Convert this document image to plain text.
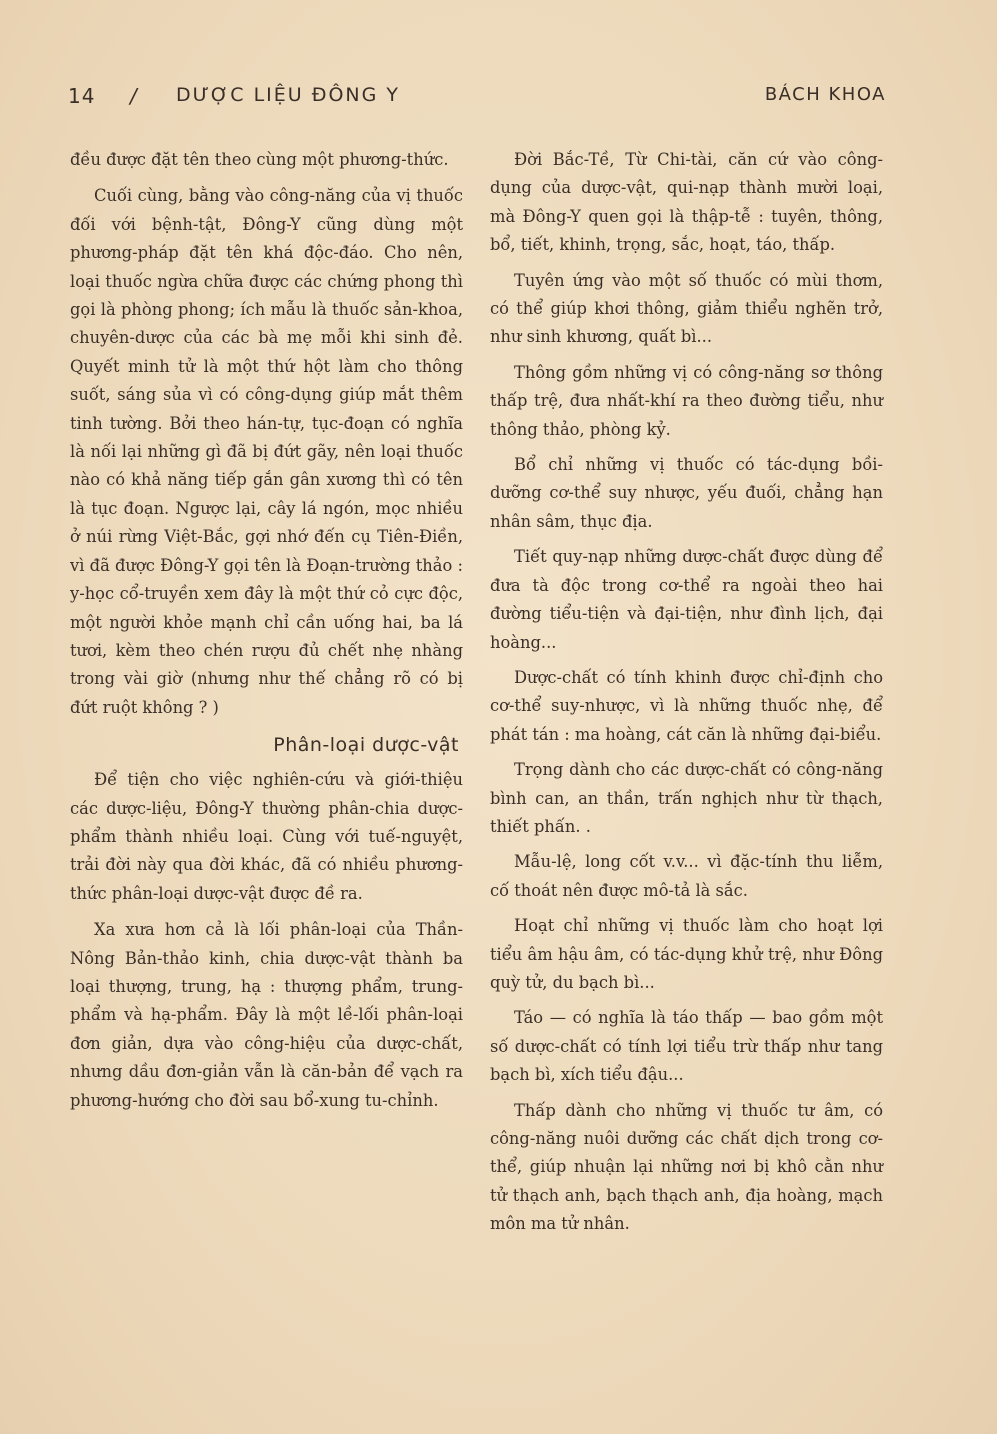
14 / DƯỢC LIỆU ĐÔNG Y	BÁCH KHOA

đều được đặt tên theo cùng một phương-thức.

Cuối cùng, bằng vào công-năng của vị thuốc đối với bệnh-tật, Đông-Y cũng dùng một phương-pháp đặt tên khá độc-đáo. Cho nên, loại thuốc ngừa chữa được các chứng phong thì gọi là phòng phong; ích mẫu là thuốc sản-khoa, chuyên-dược của các bà mẹ mỗi khi sinh đẻ. Quyết minh tử là một thứ hột làm cho thông suốt, sáng sủa vì có công-dụng giúp mắt thêm tinh tường. Bởi theo hán-tự, tục-đoạn có nghĩa là nối lại những gì đã bị đứt gãy, nên loại thuốc nào có khả năng tiếp gắn gân xương thì có tên là tục đoạn. Ngược lại, cây lá ngón, mọc nhiều ở núi rừng Việt-Bắc, gợi nhớ đến cụ Tiên-Điền, vì đã được Đông-Y gọi tên là Đoạn-trường thảo : y-học cổ-truyền xem đây là một thứ cỏ cực độc, một người khỏe mạnh chỉ cần uống hai, ba lá tươi, kèm theo chén rượu đủ chết nhẹ nhàng trong vài giờ (nhưng như thế chẳng rõ có bị đứt ruột không ? )

Phân-loại dược-vật

Để tiện cho việc nghiên-cứu và giới-thiệu các dược-liệu, Đông-Y thường phân-chia dược-phẩm thành nhiều loại. Cùng với tuế-nguyệt, trải đời này qua đời khác, đã có nhiều phương-thức phân-loại dược-vật được đề ra.

Xa xưa hơn cả là lối phân-loại của Thần-Nông Bản-thảo kinh, chia dược-vật thành ba loại thượng, trung, hạ : thượng phẩm, trung-phẩm và hạ-phẩm. Đây là một lề-lối phân-loại đơn giản, dựa vào công-hiệu của dược-chất, nhưng dầu đơn-giản vẫn là căn-bản để vạch ra phương-hướng cho đời sau bổ-xung tu-chỉnh.

Đời Bắc-Tề, Từ Chi-tài, căn cứ vào công-dụng của dược-vật, qui-nạp thành mười loại, mà Đông-Y quen gọi là thập-tễ : tuyên, thông, bổ, tiết, khinh, trọng, sắc, hoạt, táo, thấp.

Tuyên ứng vào một số thuốc có mùi thơm, có thể giúp khơi thông, giảm thiểu nghẽn trở, như sinh khương, quất bì...

Thông gồm những vị có công-năng sơ thông thấp trệ, đưa nhất-khí ra theo đường tiểu, như thông thảo, phòng kỷ.

Bổ chỉ những vị thuốc có tác-dụng bồi-dưỡng cơ-thể suy nhược, yếu đuối, chẳng hạn nhân sâm, thục địa.

Tiết quy-nạp những dược-chất được dùng để đưa tà độc trong cơ-thể ra ngoài theo hai đường tiểu-tiện và đại-tiện, như đình lịch, đại hoàng...

Dược-chất có tính khinh được chỉ-định cho cơ-thể suy-nhược, vì là những thuốc nhẹ, để phát tán : ma hoàng, cát căn là những đại-biểu.

Trọng dành cho các dược-chất có công-năng bình can, an thần, trấn nghịch như từ thạch, thiết phấn. .

Mẫu-lệ, long cốt v.v... vì đặc-tính thu liễm, cố thoát nên được mô-tả là sắc.

Hoạt chỉ những vị thuốc làm cho hoạt lợi tiểu âm hậu âm, có tác-dụng khử trệ, như Đông quỳ tử, du bạch bì...

Táo — có nghĩa là táo thấp — bao gồm một số dược-chất có tính lợi tiểu trừ thấp như tang bạch bì, xích tiểu đậu...

Thấp dành cho những vị thuốc tư âm, có công-năng nuôi dưỡng các chất dịch trong cơ-thể, giúp nhuận lại những nơi bị khô cằn như tử thạch anh, bạch thạch anh, địa hoàng, mạch môn ma tử nhân.
